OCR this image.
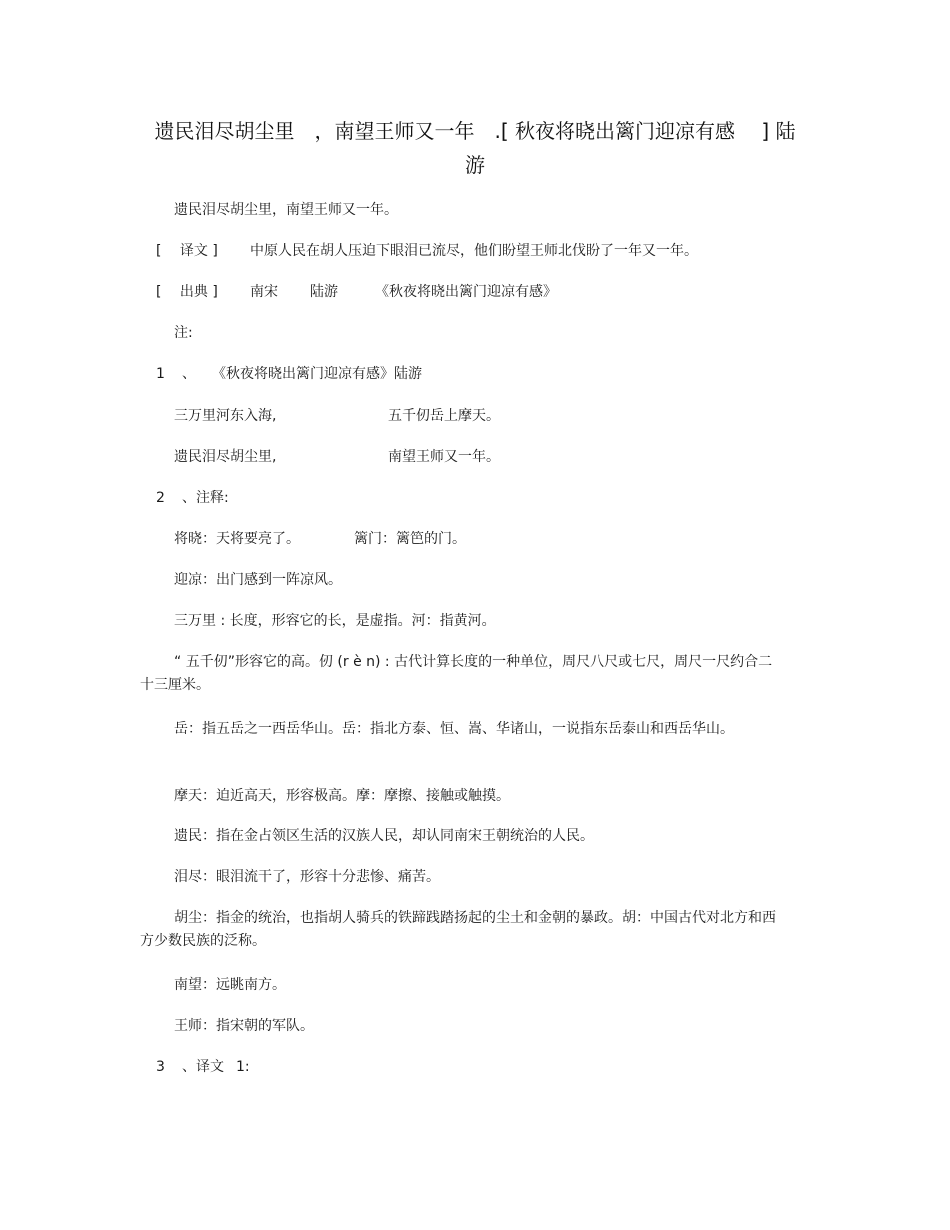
遗民泪尽胡尘里　，南望王师又一年　.[ 秋夜将晓出篱门迎凉有感　 ] 陆
游
遗民泪尽胡尘里，南望王师又一年。
[　 译文 ] 中原人民在胡人压迫下眼泪已流尽，他们盼望王师北伐盼了一年又一年。
[　 出典 ] 南宋 陆游	《秋夜将晓出篱门迎凉有感》
注:
1 、 《秋夜将晓出篱门迎凉有感》陆游
三万里河东入海,	五千仞岳上摩天。
遗民泪尽胡尘里,	南望王师又一年。
2 、注释:
将晓：天将要亮了。	篱门：篱笆的门。
迎凉：出门感到一阵凉风。
三万里 : 长度，形容它的长，是虚指。河：指黄河。
“ 五千仞”形容它的高。仞 (r è n) : 古代计算长度的一种单位，周尺八尺或七尺，周尺一尺约合二十三厘米。
岳：指五岳之一西岳华山。岳：指北方泰、恒、嵩、华诸山，一说指东岳泰山和西岳华山。
摩天：迫近高天，形容极高。摩：摩擦、接触或触摸。
遗民：指在金占领区生活的汉族人民，却认同南宋王朝统治的人民。
泪尽：眼泪流干了，形容十分悲惨、痛苦。
胡尘：指金的统治，也指胡人骑兵的铁蹄践踏扬起的尘土和金朝的暴政。胡：中国古代对北方和西方少数民族的泛称。
南望：远眺南方。
王师：指宋朝的军队。
3 、译文 1:
